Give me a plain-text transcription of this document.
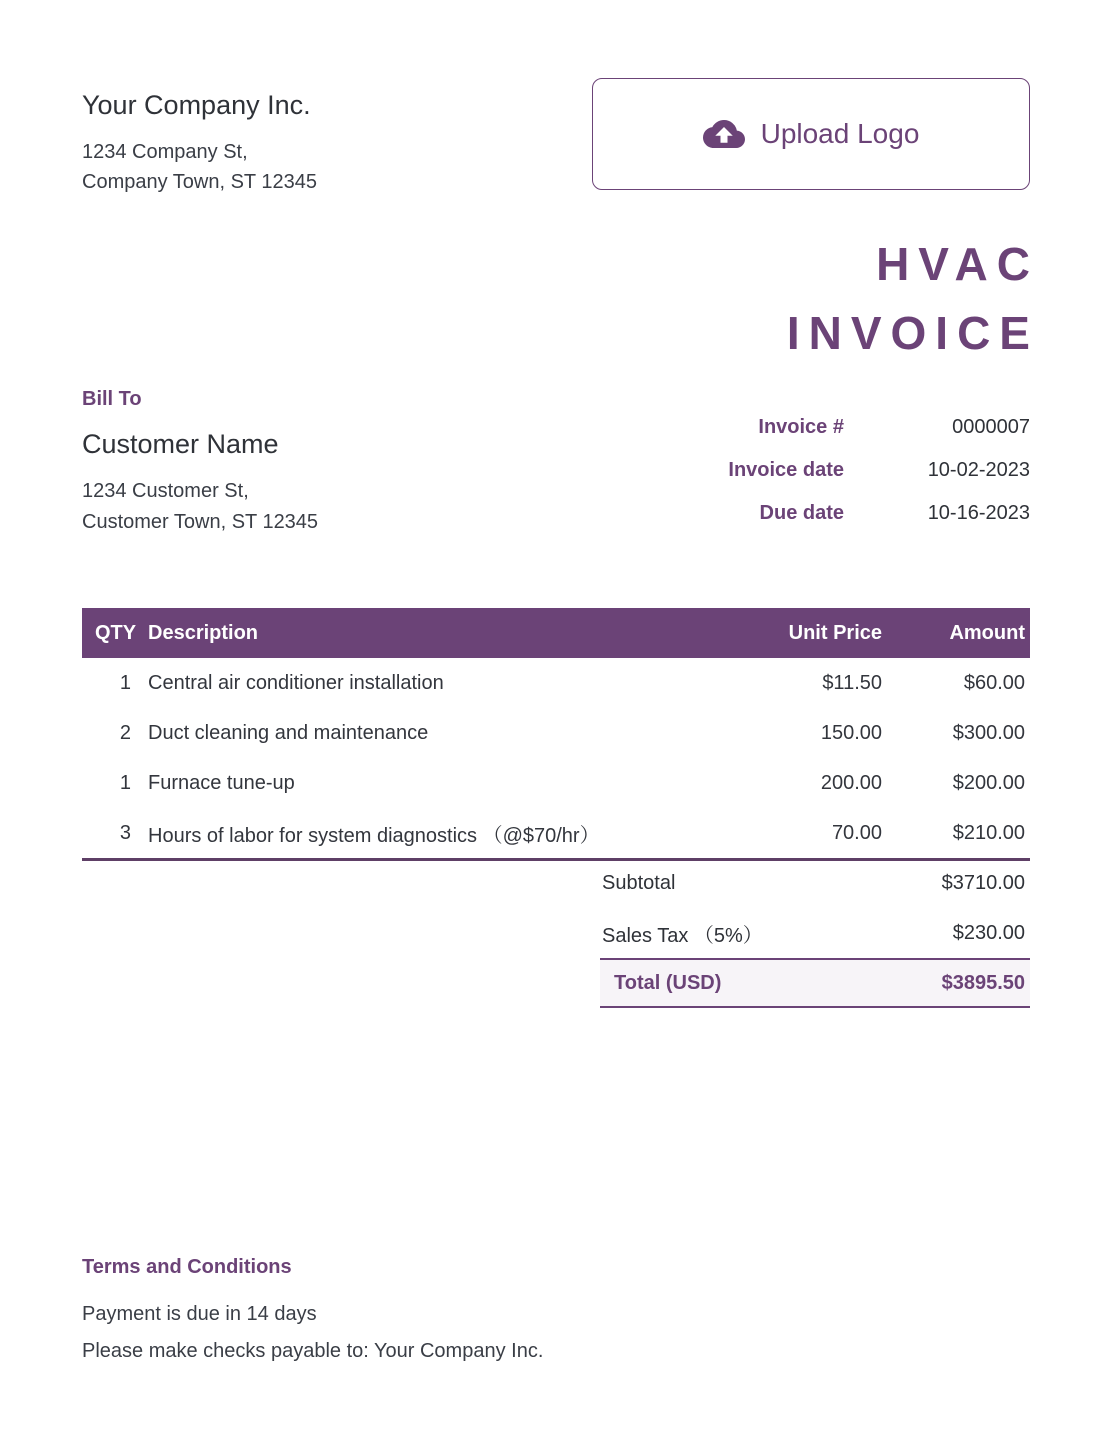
Your Company Inc.
1234 Company St,
Company Town, ST 12345
Upload Logo
HVAC
INVOICE
Bill To
Customer Name
1234 Customer St,
Customer Town, ST 12345
Invoice #	0000007
Invoice date	10-02-2023
Due date	10-16-2023
QTY Description	Unit Price	Amount
1 Central air conditioner installation	$11.50	$60.00
2 Duct cleaning and maintenance	150.00	$300.00
1 Furnace tune-up	200.00	$200.00
3 Hours of labor for system diagnostics （@$70/hr）	70.00	$210.00
Subtotal	$3710.00
Sales Tax （5%）	$230.00
Total (USD)	$3895.50
Terms and Conditions
Payment is due in 14 days
Please make checks payable to: Your Company Inc.
